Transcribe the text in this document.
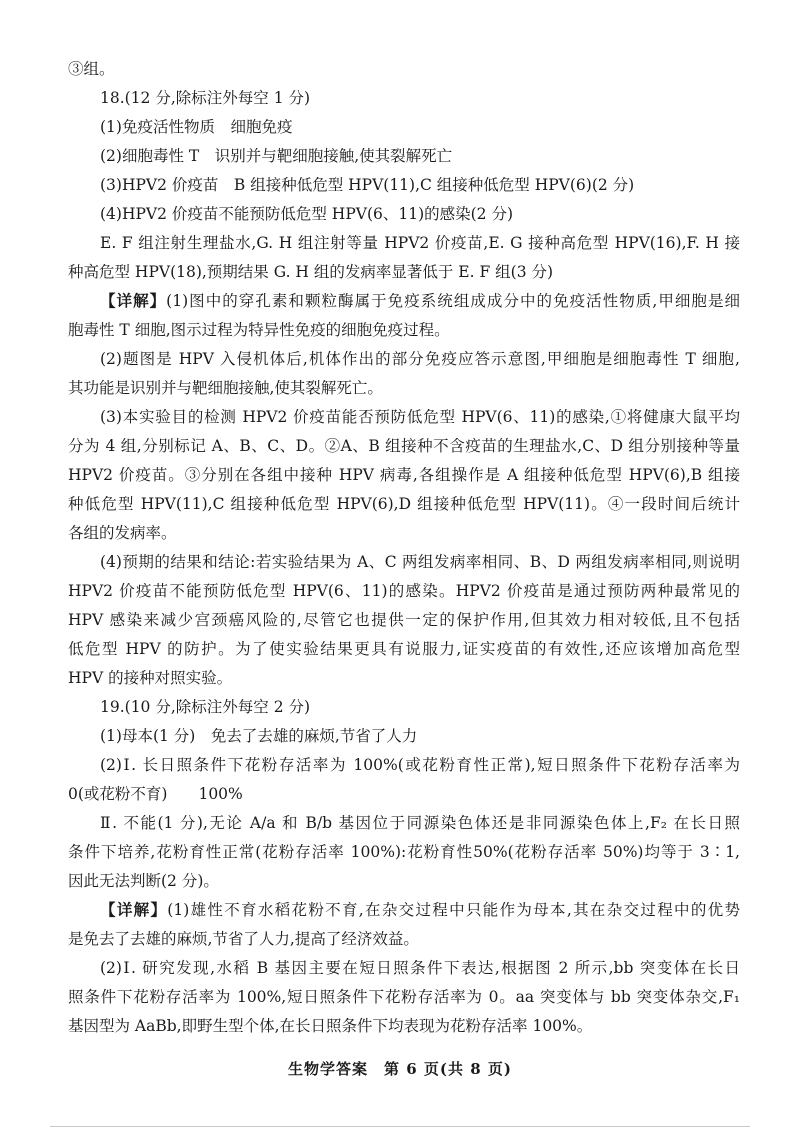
③组。
18.(12 分,除标注外每空 1 分)
(1)免疫活性物质　细胞免疫
(2)细胞毒性 T　识别并与靶细胞接触,使其裂解死亡
(3)HPV2 价疫苗　B 组接种低危型 HPV(11),C 组接种低危型 HPV(6)(2 分)
(4)HPV2 价疫苗不能预防低危型 HPV(6、11)的感染(2 分)
E. F 组注射生理盐水,G. H 组注射等量 HPV2 价疫苗,E. G 接种高危型 HPV(16),F. H 接
种高危型 HPV(18),预期结果 G. H 组的发病率显著低于 E. F 组(3 分)
【详解】(1)图中的穿孔素和颗粒酶属于免疫系统组成成分中的免疫活性物质,甲细胞是细
胞毒性 T 细胞,图示过程为特异性免疫的细胞免疫过程。
(2)题图是 HPV 入侵机体后,机体作出的部分免疫应答示意图,甲细胞是细胞毒性 T 细胞,
其功能是识别并与靶细胞接触,使其裂解死亡。
(3)本实验目的检测 HPV2 价疫苗能否预防低危型 HPV(6、11)的感染,①将健康大鼠平均
分为 4 组,分别标记 A、B、C、D。②A、B 组接种不含疫苗的生理盐水,C、D 组分别接种等量
HPV2 价疫苗。③分别在各组中接种 HPV 病毒,各组操作是 A 组接种低危型 HPV(6),B 组接
种低危型 HPV(11),C 组接种低危型 HPV(6),D 组接种低危型 HPV(11)。④一段时间后统计
各组的发病率。
(4)预期的结果和结论:若实验结果为 A、C 两组发病率相同、B、D 两组发病率相同,则说明
HPV2 价疫苗不能预防低危型 HPV(6、11)的感染。HPV2 价疫苗是通过预防两种最常见的
HPV 感染来减少宫颈癌风险的,尽管它也提供一定的保护作用,但其效力相对较低,且不包括
低危型 HPV 的防护。为了使实验结果更具有说服力,证实疫苗的有效性,还应该增加高危型
HPV 的接种对照实验。
19.(10 分,除标注外每空 2 分)
(1)母本(1 分)　免去了去雄的麻烦,节省了人力
(2)Ⅰ. 长日照条件下花粉存活率为 100%(或花粉育性正常),短日照条件下花粉存活率为
0(或花粉不育)　　100%
Ⅱ. 不能(1 分),无论 A/a 和 B/b 基因位于同源染色体还是非同源染色体上,F₂ 在长日照
条件下培养,花粉育性正常(花粉存活率 100%):花粉育性50%(花粉存活率 50%)均等于 3∶1,
因此无法判断(2 分)。
【详解】(1)雄性不育水稻花粉不育,在杂交过程中只能作为母本,其在杂交过程中的优势
是免去了去雄的麻烦,节省了人力,提高了经济效益。
(2)Ⅰ. 研究发现,水稻 B 基因主要在短日照条件下表达,根据图 2 所示,bb 突变体在长日
照条件下花粉存活率为 100%,短日照条件下花粉存活率为 0。aa 突变体与 bb 突变体杂交,F₁
基因型为 AaBb,即野生型个体,在长日照条件下均表现为花粉存活率 100%。
生物学答案　第 6 页(共 8 页)
